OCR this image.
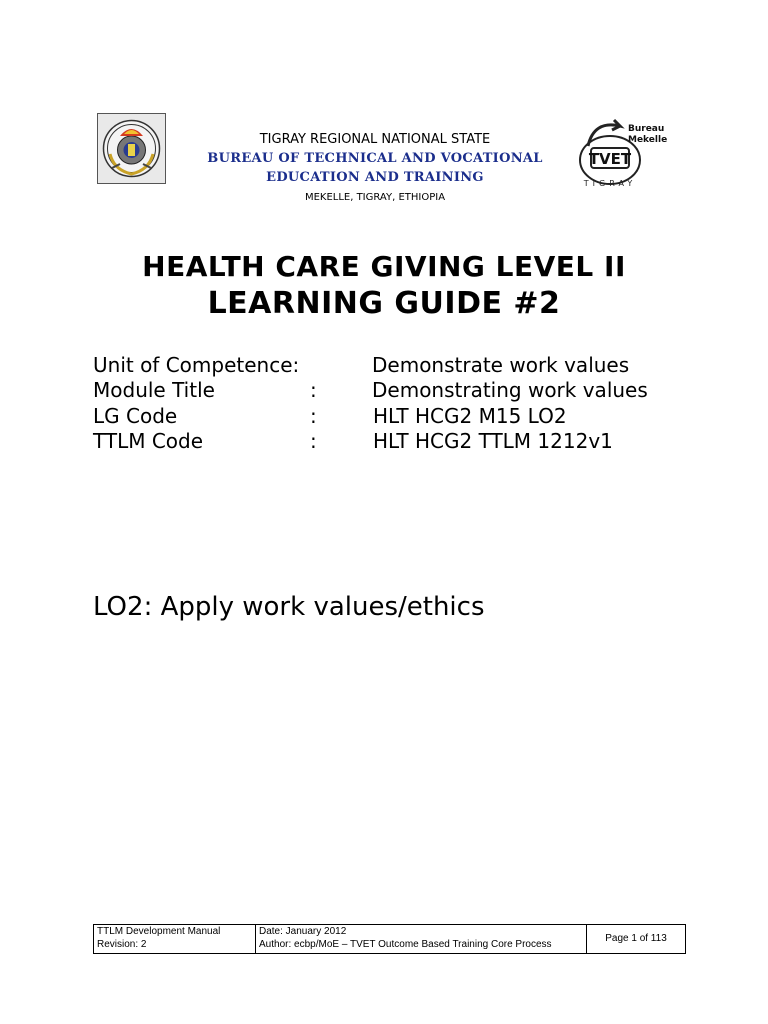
TIGRAY REGIONAL NATIONAL STATE
BUREAU OF TECHNICAL AND VOCATIONAL
EDUCATION AND TRAINING
MEKELLE, TIGRAY, ETHIOPIA
TVET
Bureau
Mekelle
TIGRAY
HEALTH CARE GIVING LEVEL II
LEARNING GUIDE #2
Unit of Competence:	Demonstrate work values
Module Title	:	Demonstrating work values
LG Code	:	HLT HCG2 M15 LO2
TTLM Code	:	HLT HCG2 TTLM 1212v1
LO2: Apply work values/ethics
TTLM Development Manual
Revision: 2

Date: January 2012
Author: ecbp/MoE – TVET Outcome Based Training Core Process
	Page 1 of 113
